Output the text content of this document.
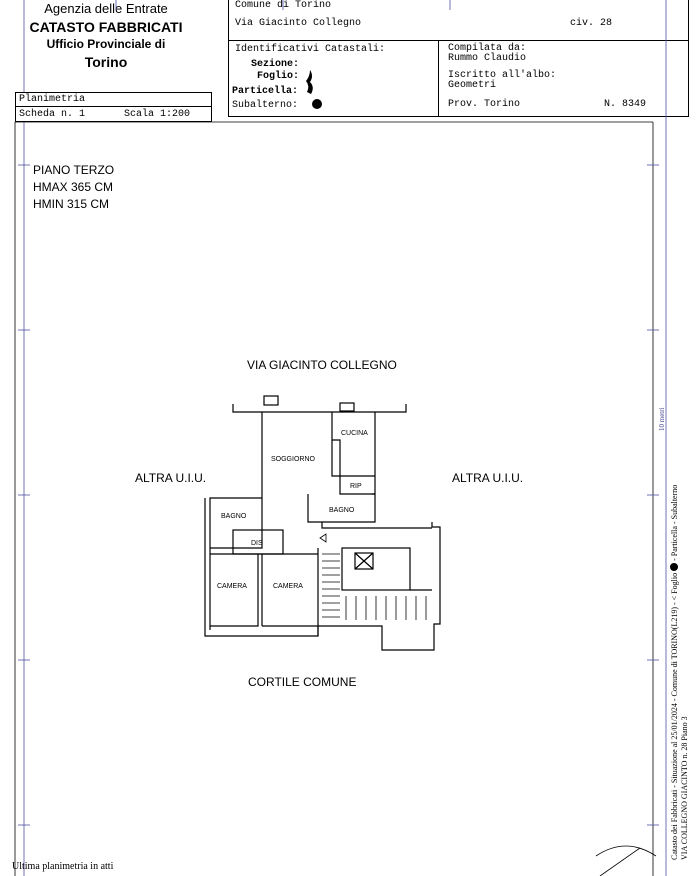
Agenzia delle Entrate
CATASTO FABBRICATI
Ufficio Provinciale di
Torino
Comune di Torino
Via Giacinto Collegno	civ. 28
Identificativi Catastali:
Sezione:
Foglio:
Particella:
Subalterno:
Compilata da:
Rummo Claudio
Iscritto all'albo:
Geometri
Prov. Torino	N. 8349
Planimetria
Scheda n. 1	Scala 1:200
PIANO TERZO
HMAX 365 CM
HMIN 315 CM
VIA GIACINTO COLLEGNO
ALTRA U.I.U.	ALTRA U.I.U.
CORTILE COMUNE
CUCINA
SOGGIORNO
RIP
BAGNO
BAGNO
DIS
CAMERA	CAMERA	Catasto dei Fabbricati - Situazione al 25/01/2024 - Comune di TORINO(L219) - < Foglio  - Particella - Subalterno
VIA COLLEGNO GIACINTO n. 28 Piano 3
10 metri
Ultima planimetria in atti
